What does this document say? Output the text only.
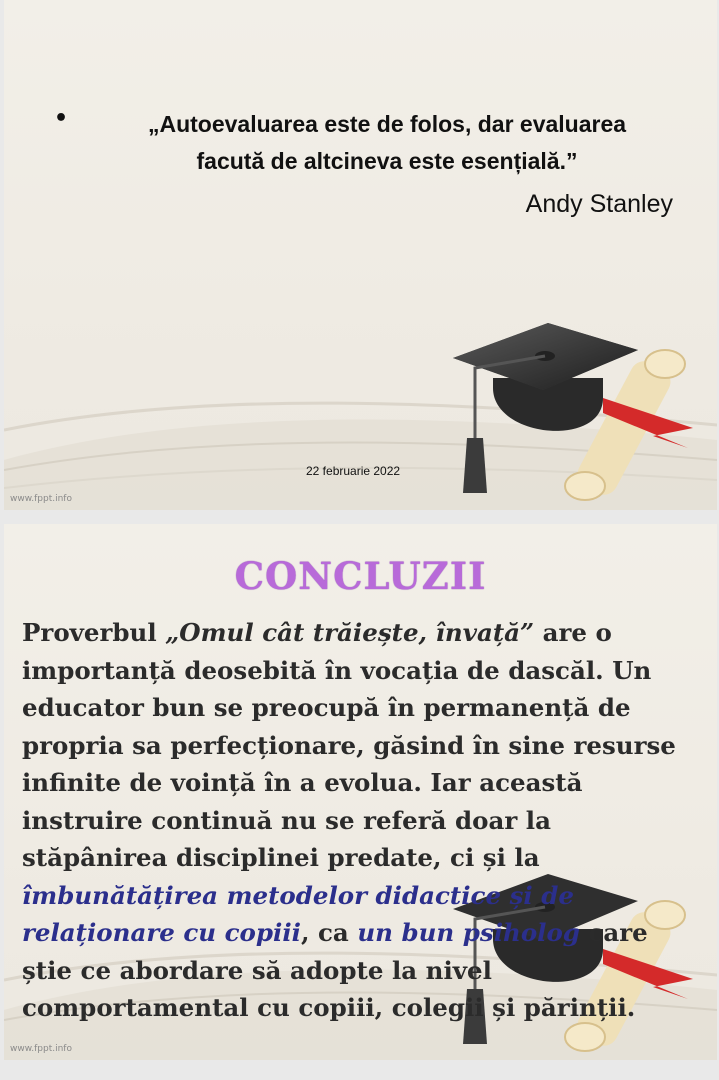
•	„Autoevaluarea este de folos, dar evaluarea
facută de altcineva este esențială.”
Andy Stanley
22 februarie 2022
www.fppt.info
CONCLUZII
Proverbul „Omul cât trăiește, învață” are o importanță deosebită în vocația de dascăl. Un educator bun se preocupă în permanență de propria sa perfecționare, găsind în sine resurse infinite de voință în a evolua. Iar această instruire continuă nu se referă doar la stăpânirea disciplinei predate, ci și la îmbunătățirea metodelor didactice și de relaționare cu copiii, ca un bun psiholog care știe ce abordare să adopte la nivel comportamental cu copiii, colegii și părinții.
www.fppt.info
